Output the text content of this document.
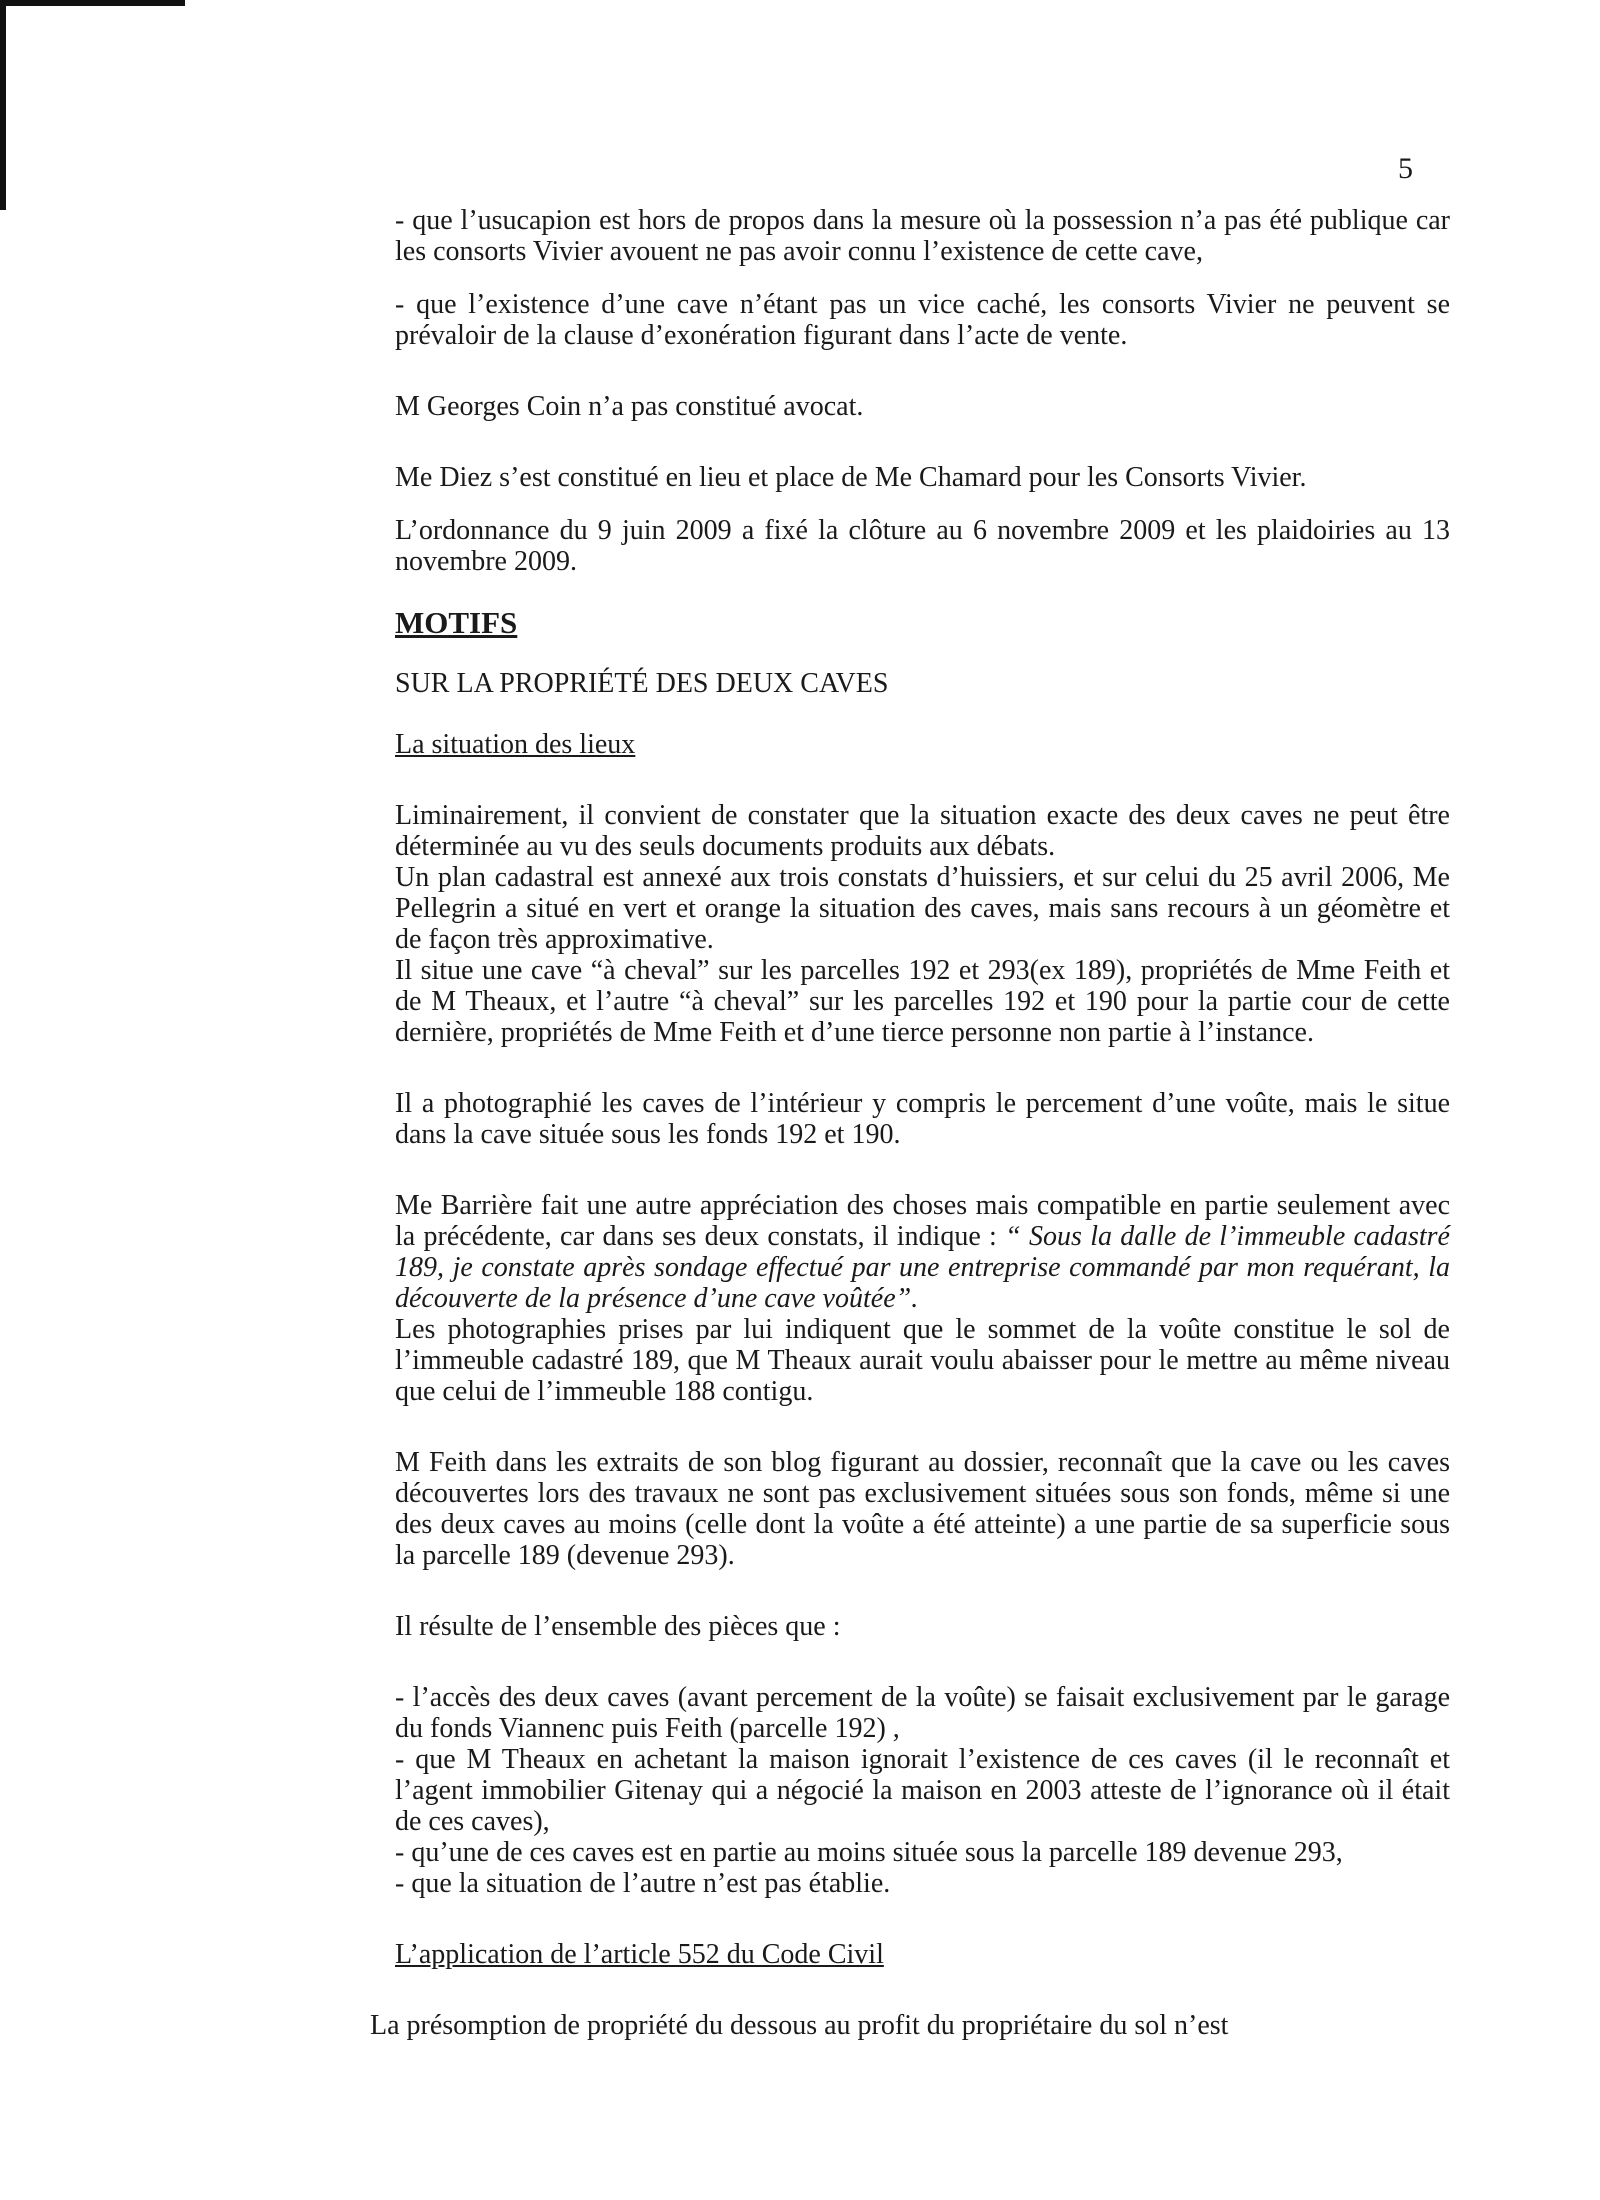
5

- que l’usucapion est hors de propos dans la mesure où la possession n’a pas été publique car les consorts Vivier avouent ne pas avoir connu l’existence de cette cave,

- que l’existence d’une cave n’étant pas un vice caché, les consorts Vivier ne peuvent se prévaloir de la clause d’exonération figurant dans l’acte de vente.

M Georges Coin n’a pas constitué avocat.

Me Diez s’est constitué en lieu et place de Me Chamard pour les Consorts Vivier.

L’ordonnance du 9 juin 2009 a fixé la clôture au 6 novembre 2009 et les plaidoiries au 13 novembre 2009.

MOTIFS

SUR LA PROPRIÉTÉ DES DEUX CAVES

La situation des lieux

Liminairement, il convient de constater que la situation exacte des deux caves ne peut être déterminée au vu des seuls documents produits aux débats.

Un plan cadastral est annexé aux trois constats d’huissiers, et sur celui du 25 avril 2006, Me Pellegrin a situé en vert et orange la situation des caves, mais sans recours à un géomètre et de façon très approximative.

Il situe une cave “à cheval” sur les parcelles 192 et 293(ex 189), propriétés de Mme Feith et de M Theaux, et l’autre “à cheval” sur les parcelles 192 et 190 pour la partie cour de cette dernière, propriétés de Mme Feith et d’une tierce personne non partie à l’instance.

Il a photographié les caves de l’intérieur y compris le percement d’une voûte, mais le situe dans la cave située sous les fonds 192 et 190.

Me Barrière fait une autre appréciation des choses mais compatible en partie seulement avec la précédente, car dans ses deux constats, il indique : “ Sous la dalle de l’immeuble cadastré 189, je constate après sondage effectué par une entreprise commandé par mon requérant, la découverte de la présence d’une cave voûtée”.

Les photographies prises par lui indiquent que le sommet de la voûte constitue le sol de l’immeuble cadastré 189, que M Theaux aurait voulu abaisser pour le mettre au même niveau que celui de l’immeuble 188 contigu.

M Feith dans les extraits de son blog figurant au dossier, reconnaît que la cave ou les caves découvertes lors des travaux ne sont pas exclusivement situées sous son fonds, même si une des deux caves au moins (celle dont la voûte a été atteinte) a une partie de sa superficie sous la parcelle 189 (devenue 293).

Il résulte de l’ensemble des pièces que :

- l’accès des deux caves (avant percement de la voûte) se faisait exclusivement par le garage du fonds Viannenc puis Feith (parcelle 192) ,

- que M Theaux en achetant la maison ignorait l’existence de ces caves (il le reconnaît et l’agent immobilier Gitenay qui a négocié la maison en 2003 atteste de l’ignorance où il était de ces caves),

- qu’une de ces caves est en partie au moins située sous la parcelle 189 devenue 293,

- que la situation de l’autre n’est pas établie.

L’application de l’article 552 du Code Civil

La présomption de propriété du dessous au profit du propriétaire du sol n’est
